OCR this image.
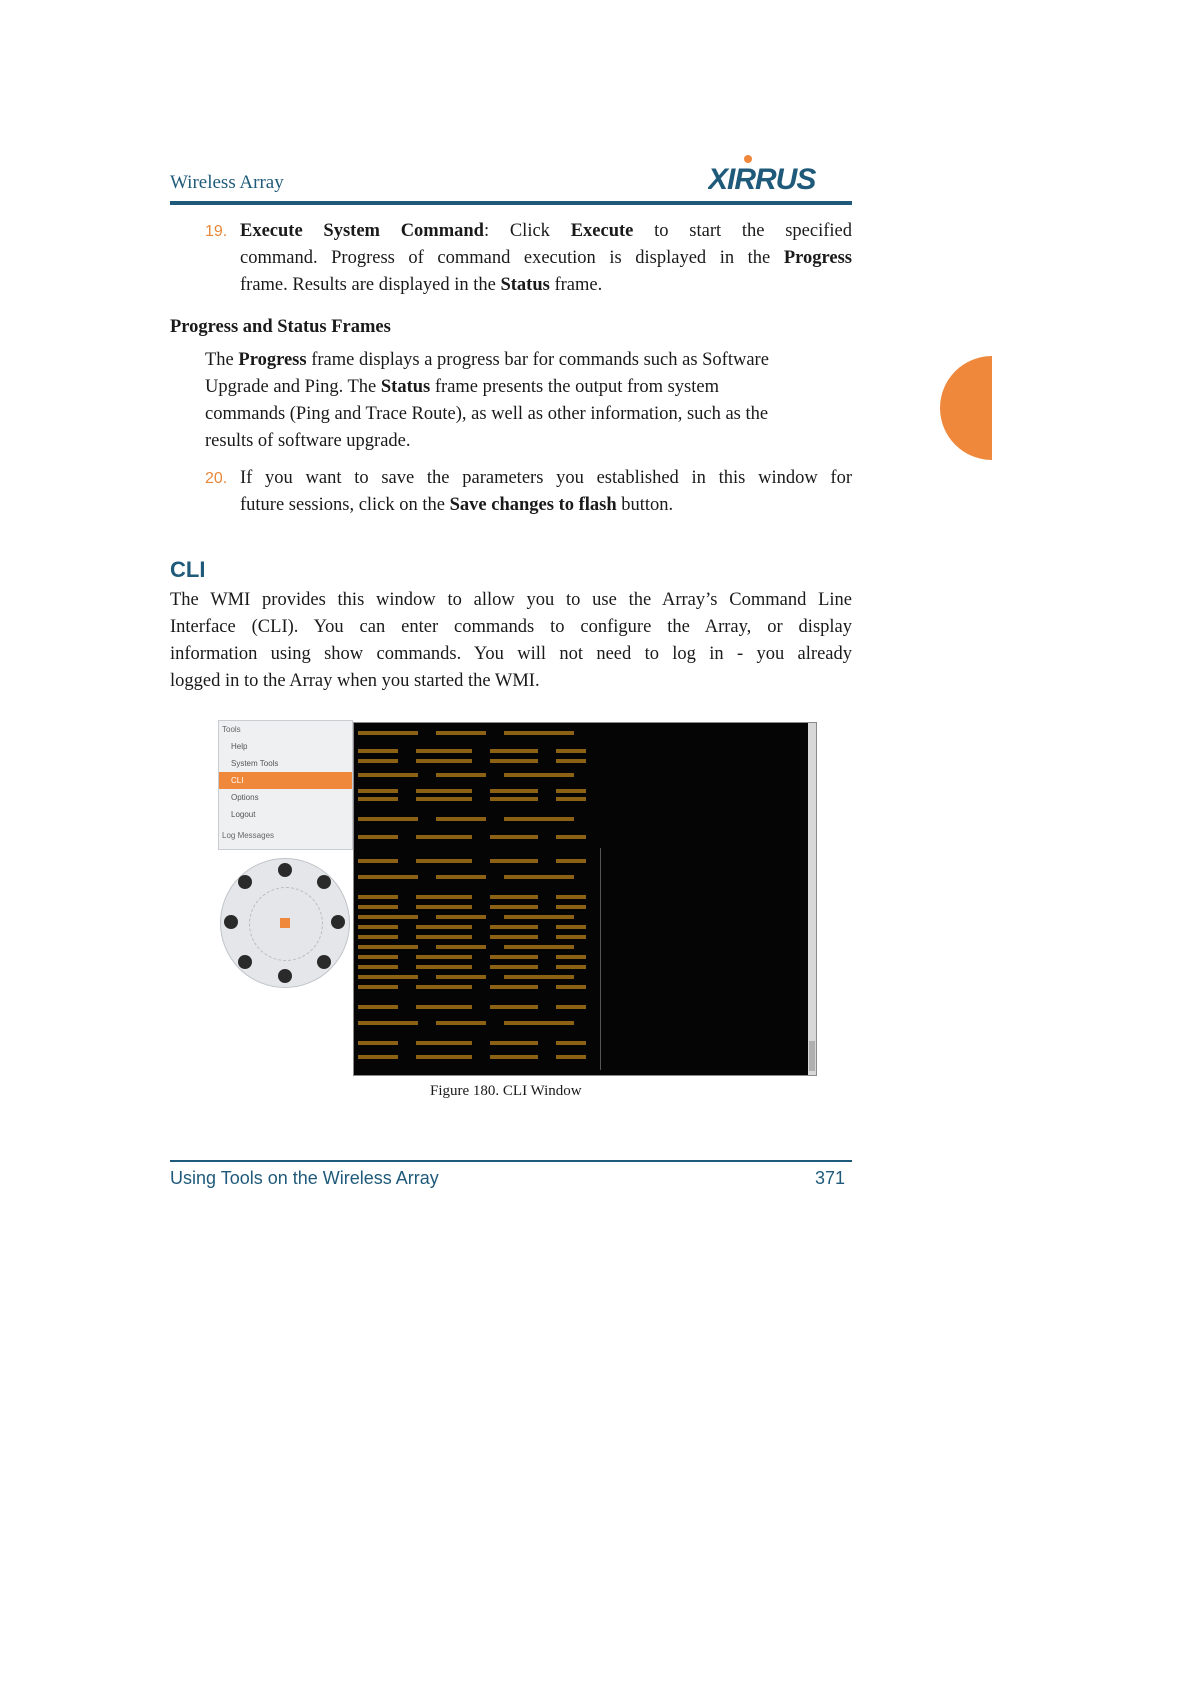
Wireless Array	XIRRUS
19. Execute System Command: Click Execute to start the specified
command. Progress of command execution is displayed in the Progress
frame. Results are displayed in the Status frame.
Progress and Status Frames
The Progress frame displays a progress bar for commands such as Software
Upgrade and Ping. The Status frame presents the output from system
commands (Ping and Trace Route), as well as other information, such as the
results of software upgrade.
20. If you want to save the parameters you established in this window for
future sessions, click on the Save changes to flash button.
CLI
The WMI provides this window to allow you to use the Array’s Command Line
Interface (CLI). You can enter commands to configure the Array, or display
information using show commands. You will not need to log in - you already
logged in to the Array when you started the WMI.
Tools
Help
System Tools
CLI
Options
Logout
Log Messages
Figure 180. CLI Window
Using Tools on the Wireless Array	371
